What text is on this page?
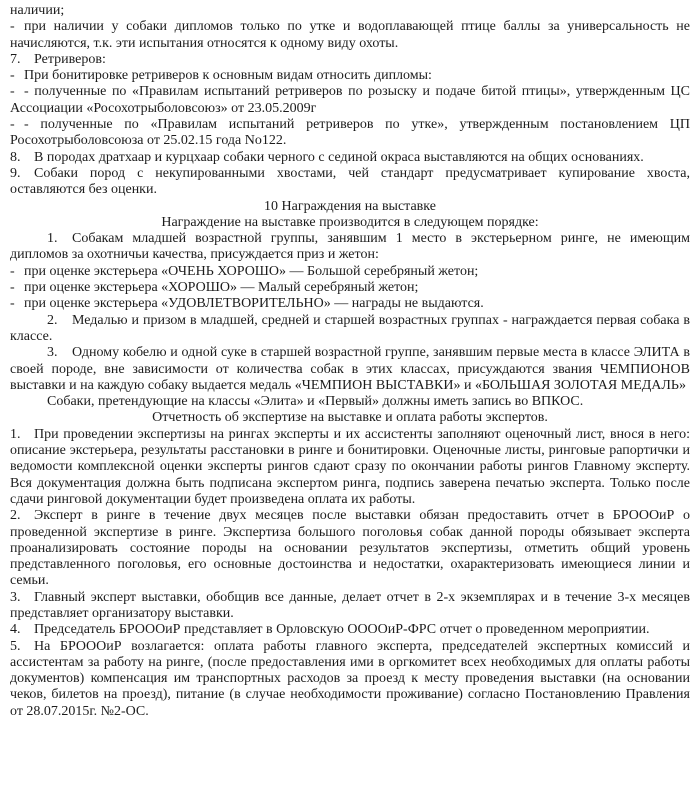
наличии;

- при наличии у собаки дипломов только по утке и водоплавающей птице баллы за универсальность не начисляются, т.к. эти испытания относятся к одному виду охоты.

7. Ретриверов:

- При бонитировке ретриверов к основным видам относить дипломы:

- - полученные по «Правилам испытаний ретриверов по розыску и подаче битой птицы», утвержденным ЦС Ассоциации «Росохотрыболовсоюз» от 23.05.2009г

- - полученные по «Правилам испытаний ретриверов по утке», утвержденным постановлением ЦП Росохотрыболовсоюза от 25.02.15 года No122.

8. В породах дратхаар и курцхаар собаки черного с сединой окраса выставляются на общих основаниях.

9. Собаки пород с некупированными хвостами, чей стандарт предусматривает купирование хвоста, оставляются без оценки.

10 Награждения на выставке

Награждение на выставке производится в следующем порядке:

1. Собакам младшей возрастной группы, занявшим 1 место в экстерьерном ринге, не имеющим дипломов за охотничьи качества, присуждается приз и жетон:

- при оценке экстерьера «ОЧЕНЬ ХОРОШО» — Большой серебряный жетон;

- при оценке экстерьера «ХОРОШО» — Малый серебряный жетон;

- при оценке экстерьера «УДОВЛЕТВОРИТЕЛЬНО» — награды не выдаются.

2. Медалью и призом в младшей, средней и старшей возрастных группах - награждается первая собака в классе.

3. Одному кобелю и одной суке в старшей возрастной группе, занявшим первые места в классе ЭЛИТА в своей породе, вне зависимости от количества собак в этих классах, присуждаются звания ЧЕМПИОНОВ выставки и на каждую собаку выдается медаль «ЧЕМПИОН ВЫСТАВКИ» и «БОЛЬШАЯ ЗОЛОТАЯ МЕДАЛЬ»

Собаки, претендующие на классы «Элита» и «Первый» должны иметь запись во ВПКОС.

Отчетность об экспертизе на выставке и оплата работы экспертов.

1. При проведении экспертизы на рингах эксперты и их ассистенты заполняют оценочный лист, внося в него: описание экстерьера, результаты расстановки в ринге и бонитировки. Оценочные листы, ринговые рапортички и ведомости комплексной оценки эксперты рингов сдают сразу по окончании работы рингов Главному эксперту. Вся документация должна быть подписана экспертом ринга, подпись заверена печатью эксперта. Только после сдачи ринговой документации будет произведена оплата их работы.

2. Эксперт в ринге в течение двух месяцев после выставки обязан предоставить отчет в БРОООиР о проведенной экспертизе в ринге. Экспертиза большого поголовья собак данной породы обязывает эксперта проанализировать состояние породы на основании результатов экспертизы, отметить общий уровень представленного поголовья, его основные достоинства и недостатки, охарактеризовать имеющиеся линии и семьи.

3. Главный эксперт выставки, обобщив все данные, делает отчет в 2-х экземплярах и в течение 3-х месяцев представляет организатору выставки.

4. Председатель БРОООиР представляет в Орловскую ООООиР-ФРС отчет о проведенном мероприятии.

5. На БРОООиР возлагается: оплата работы главного эксперта, председателей экспертных комиссий и ассистентам за работу на ринге, (после предоставления ими в оргкомитет всех необходимых для оплаты работы документов) компенсация им транспортных расходов за проезд к месту проведения выставки (на основании чеков, билетов на проезд), питание (в случае необходимости проживание) согласно Постановлению Правления от 28.07.2015г. №2-ОС.
